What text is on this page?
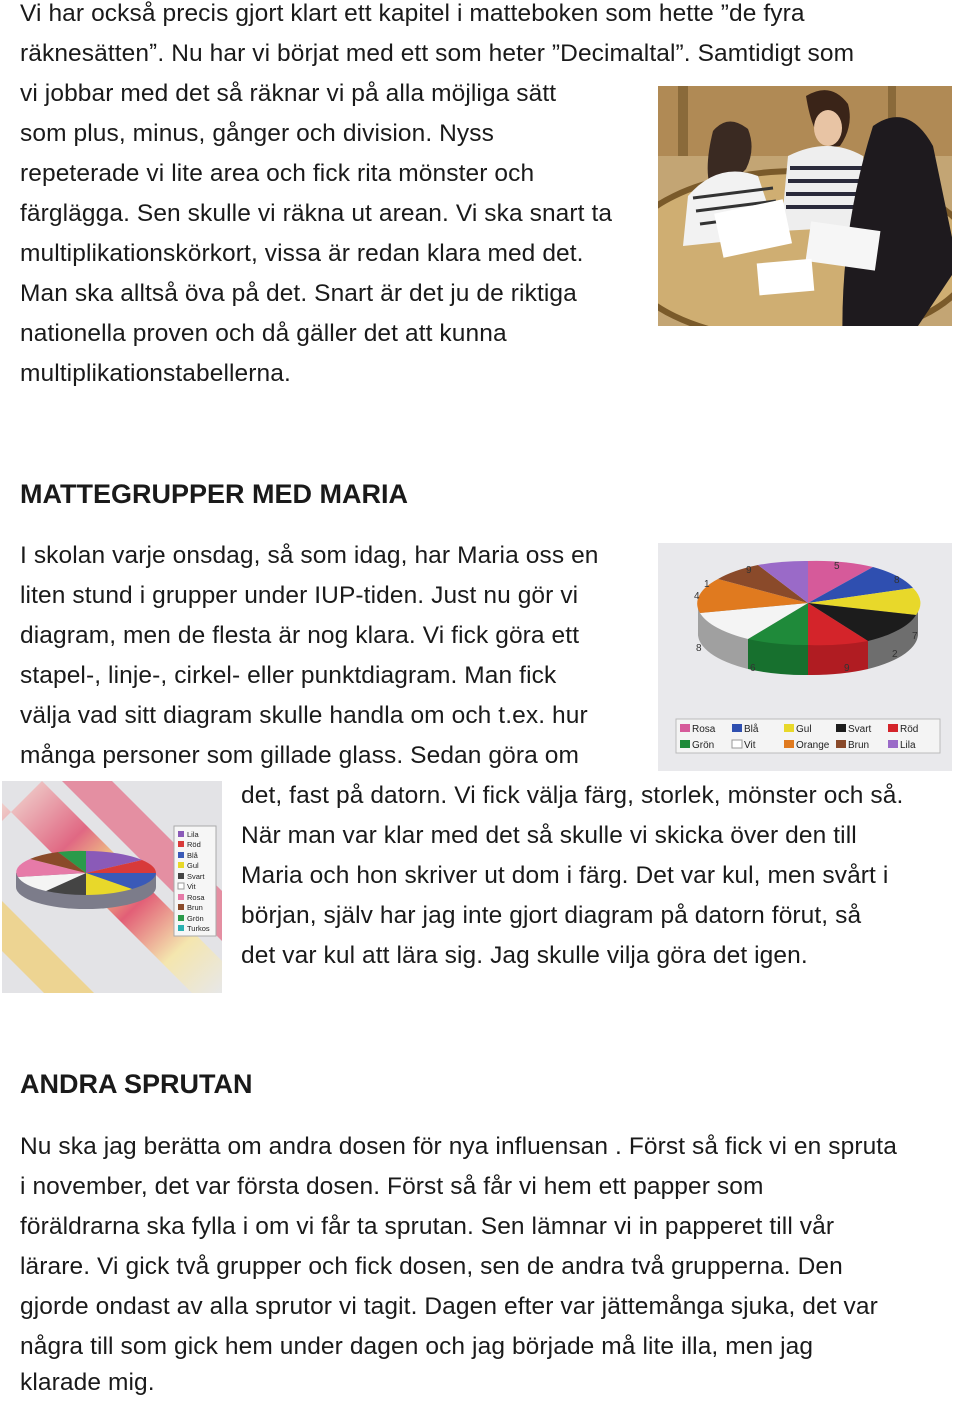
Vi har också precis gjort klart ett kapitel i matteboken som hette ”de fyra
räknesättenˮ. Nu har vi börjat med ett som heter ”Decimaltal”. Samtidigt som
vi jobbar med det så räknar vi på alla möjliga sätt
som plus, minus, gånger och division. Nyss
repeterade vi lite area och fick rita mönster och
färglägga. Sen skulle vi räkna ut arean. Vi ska snart ta
multiplikationskörkort, vissa är redan klara med det.
Man ska alltså öva på det. Snart är det ju de riktiga
nationella proven och då gäller det att kunna
multiplikationstabellerna.
MATTEGRUPPER MED MARIA
I skolan varje onsdag, så som idag, har Maria oss en
liten stund i grupper under IUP-tiden. Just nu gör vi
diagram, men de flesta är nog klara. Vi fick göra ett
stapel-, linje-, cirkel- eller punktdiagram. Man fick
välja vad sitt diagram skulle handla om och t.ex. hur
många personer som gillade glass. Sedan göra om
det, fast på datorn. Vi fick välja färg, storlek, mönster och så.
När man var klar med det så skulle vi skicka över den till
Maria och hon skriver ut dom i färg. Det var kul, men svårt i
början, själv har jag inte gjort diagram på datorn förut, så
det var kul att lära sig. Jag skulle vilja göra det igen.
9	5
8
1
4
7
8
2
6	9
Rosa	Blå	Gul	Svart	Röd
Grön	Vit	Orange Brun	Lila
Lila
Röd
Blå
Gul
Svart
Vit
Rosa
Brun
Grön
Turkos
ANDRA SPRUTAN
Nu ska jag berätta om andra dosen för nya influensan . Först så fick vi en spruta
i november, det var första dosen. Först så får vi hem ett papper som
föräldrarna ska fylla i om vi får ta sprutan. Sen lämnar vi in papperet till vår
lärare. Vi gick två grupper och fick dosen, sen de andra två grupperna. Den
gjorde ondast av alla sprutor vi tagit. Dagen efter var jättemånga sjuka, det var
några till som gick hem under dagen och jag började må lite illa, men jag
klarade mig.
